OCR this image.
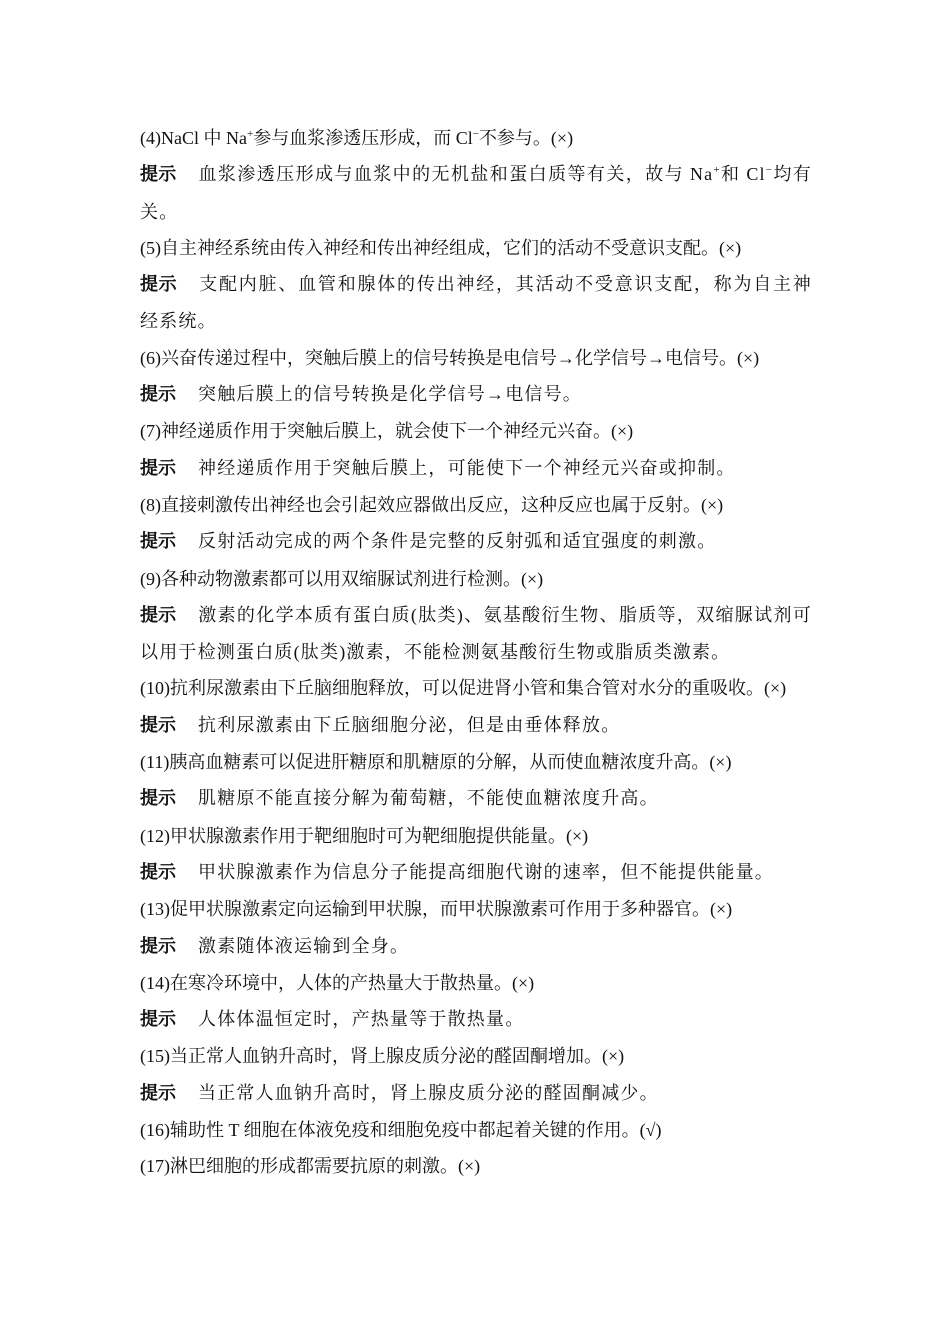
(4)NaCl 中 Na+参与血浆渗透压形成，而 Cl−不参与。(×)

提示 血浆渗透压形成与血浆中的无机盐和蛋白质等有关，故与 Na+和 Cl−均有关。

(5)自主神经系统由传入神经和传出神经组成，它们的活动不受意识支配。(×)

提示 支配内脏、血管和腺体的传出神经，其活动不受意识支配，称为自主神经系统。

(6)兴奋传递过程中，突触后膜上的信号转换是电信号→化学信号→电信号。(×)

提示 突触后膜上的信号转换是化学信号→电信号。

(7)神经递质作用于突触后膜上，就会使下一个神经元兴奋。(×)

提示 神经递质作用于突触后膜上，可能使下一个神经元兴奋或抑制。

(8)直接刺激传出神经也会引起效应器做出反应，这种反应也属于反射。(×)

提示 反射活动完成的两个条件是完整的反射弧和适宜强度的刺激。

(9)各种动物激素都可以用双缩脲试剂进行检测。(×)

提示 激素的化学本质有蛋白质(肽类)、氨基酸衍生物、脂质等，双缩脲试剂可以用于检测蛋白质(肽类)激素，不能检测氨基酸衍生物或脂质类激素。

(10)抗利尿激素由下丘脑细胞释放，可以促进肾小管和集合管对水分的重吸收。(×)

提示 抗利尿激素由下丘脑细胞分泌，但是由垂体释放。

(11)胰高血糖素可以促进肝糖原和肌糖原的分解，从而使血糖浓度升高。(×)

提示 肌糖原不能直接分解为葡萄糖，不能使血糖浓度升高。

(12)甲状腺激素作用于靶细胞时可为靶细胞提供能量。(×)

提示 甲状腺激素作为信息分子能提高细胞代谢的速率，但不能提供能量。

(13)促甲状腺激素定向运输到甲状腺，而甲状腺激素可作用于多种器官。(×)

提示 激素随体液运输到全身。

(14)在寒冷环境中，人体的产热量大于散热量。(×)

提示 人体体温恒定时，产热量等于散热量。

(15)当正常人血钠升高时，肾上腺皮质分泌的醛固酮增加。(×)

提示 当正常人血钠升高时，肾上腺皮质分泌的醛固酮减少。

(16)辅助性 T 细胞在体液免疫和细胞免疫中都起着关键的作用。(√)

(17)淋巴细胞的形成都需要抗原的刺激。(×)
